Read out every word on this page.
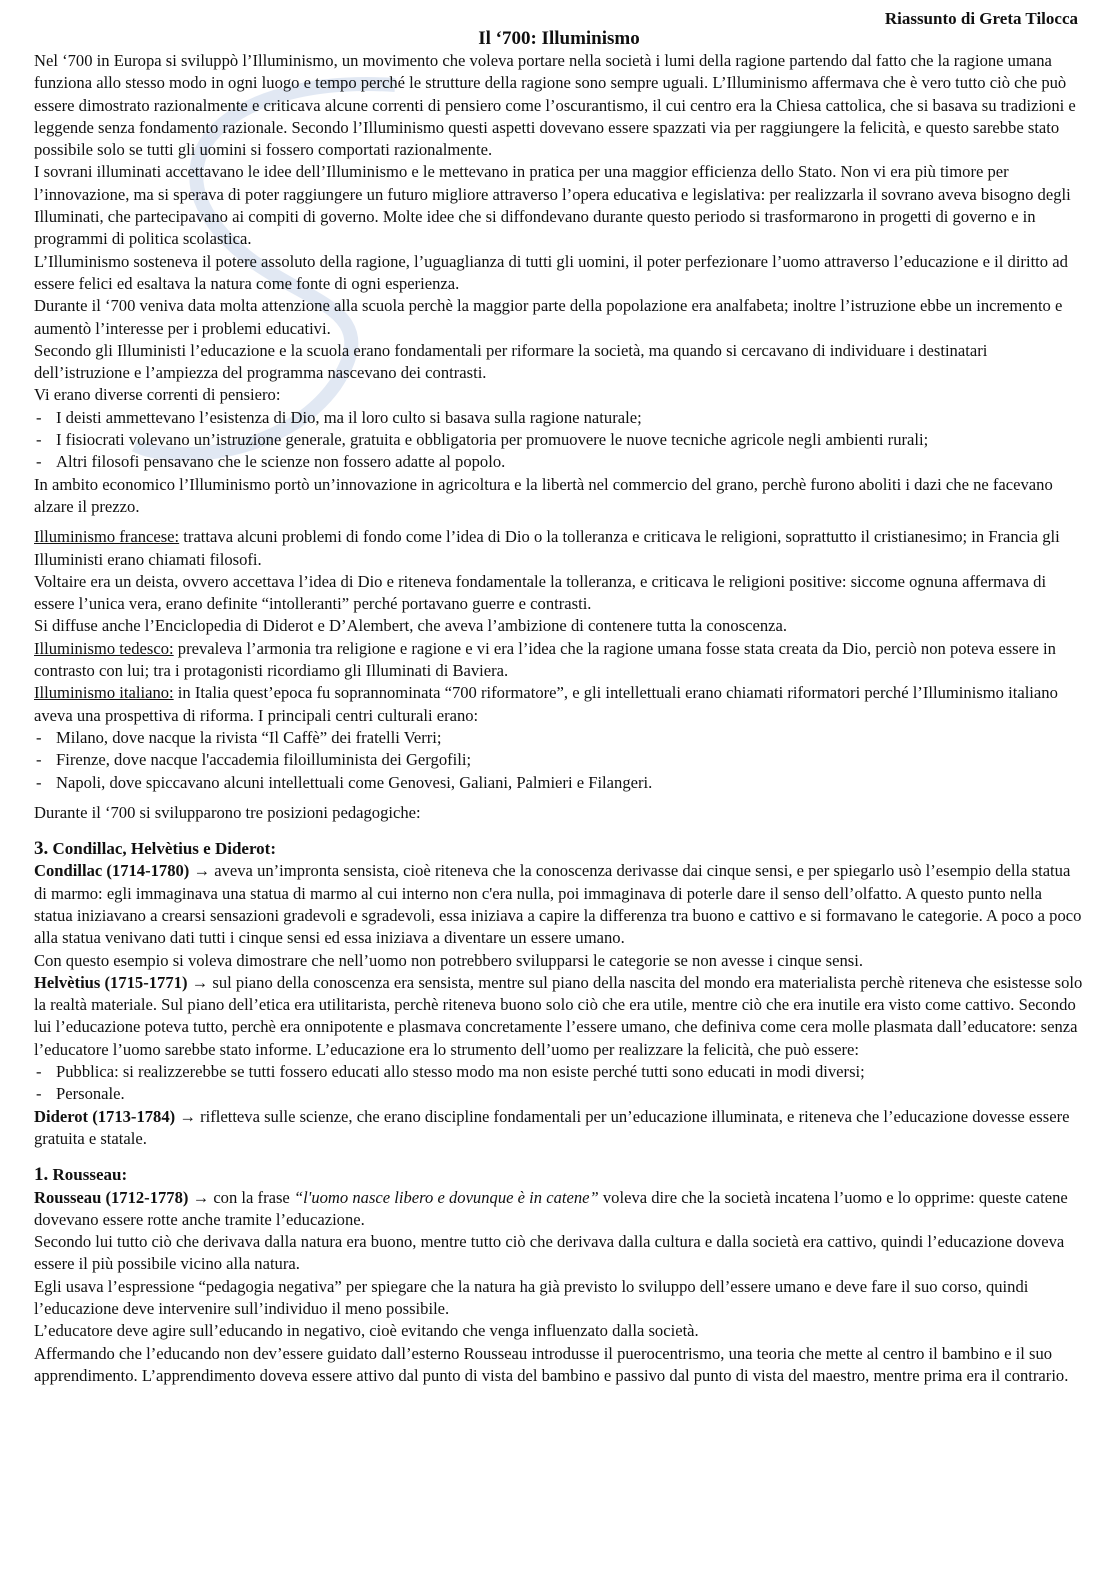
Riassunto di Greta Tilocca
Il ‘700: Illuminismo

Nel ‘700 in Europa si sviluppò l’Illuminismo, un movimento che voleva portare nella società i lumi della ragione partendo dal fatto che la ragione umana funziona allo stesso modo in ogni luogo e tempo perché le strutture della ragione sono sempre uguali. L’Illuminismo affermava che è vero tutto ciò che può essere dimostrato razionalmente e criticava alcune correnti di pensiero come l’oscurantismo, il cui centro era la Chiesa cattolica, che si basava su tradizioni e leggende senza fondamento razionale. Secondo l’Illuminismo questi aspetti dovevano essere spazzati via per raggiungere la felicità, e questo sarebbe stato possibile solo se tutti gli uomini si fossero comportati razionalmente.

I sovrani illuminati accettavano le idee dell’Illuminismo e le mettevano in pratica per una maggior efficienza dello Stato. Non vi era più timore per l’innovazione, ma si sperava di poter raggiungere un futuro migliore attraverso l’opera educativa e legislativa: per realizzarla il sovrano aveva bisogno degli Illuminati, che partecipavano ai compiti di governo. Molte idee che si diffondevano durante questo periodo si trasformarono in progetti di governo e in programmi di politica scolastica.

L’Illuminismo sosteneva il potere assoluto della ragione, l’uguaglianza di tutti gli uomini, il poter perfezionare l’uomo attraverso l’educazione e il diritto ad essere felici ed esaltava la natura come fonte di ogni esperienza.

Durante il ‘700 veniva data molta attenzione alla scuola perchè la maggior parte della popolazione era analfabeta; inoltre l’istruzione ebbe un incremento e aumentò l’interesse per i problemi educativi.

Secondo gli Illuministi l’educazione e la scuola erano fondamentali per riformare la società, ma quando si cercavano di individuare i destinatari dell’istruzione e l’ampiezza del programma nascevano dei contrasti.

Vi erano diverse correnti di pensiero:

- I deisti ammettevano l’esistenza di Dio, ma il loro culto si basava sulla ragione naturale;
- I fisiocrati volevano un’istruzione generale, gratuita e obbligatoria per promuovere le nuove tecniche agricole negli ambienti rurali;
- Altri filosofi pensavano che le scienze non fossero adatte al popolo.

In ambito economico l’Illuminismo portò un’innovazione in agricoltura e la libertà nel commercio del grano, perchè furono aboliti i dazi che ne facevano alzare il prezzo.

Illuminismo francese: trattava alcuni problemi di fondo come l’idea di Dio o la tolleranza e criticava le religioni, soprattutto il cristianesimo; in Francia gli Illuministi erano chiamati filosofi.

Voltaire era un deista, ovvero accettava l’idea di Dio e riteneva fondamentale la tolleranza, e criticava le religioni positive: siccome ognuna affermava di essere l’unica vera, erano definite “intolleranti” perché portavano guerre e contrasti.

Si diffuse anche l’Enciclopedia di Diderot e D’Alembert, che aveva l’ambizione di contenere tutta la conoscenza.

Illuminismo tedesco: prevaleva l’armonia tra religione e ragione e vi era l’idea che la ragione umana fosse stata creata da Dio, perciò non poteva essere in contrasto con lui; tra i protagonisti ricordiamo gli Illuminati di Baviera.

Illuminismo italiano: in Italia quest’epoca fu soprannominata “700 riformatore”, e gli intellettuali erano chiamati riformatori perché l’Illuminismo italiano aveva una prospettiva di riforma. I principali centri culturali erano:

- Milano, dove nacque la rivista “Il Caffè” dei fratelli Verri;
- Firenze, dove nacque l'accademia filoilluminista dei Gergofili;
- Napoli, dove spiccavano alcuni intellettuali come Genovesi, Galiani, Palmieri e Filangeri.

Durante il ‘700 si svilupparono tre posizioni pedagogiche:

3. Condillac, Helvètius e Diderot:

Condillac (1714-1780) → aveva un’impronta sensista, cioè riteneva che la conoscenza derivasse dai cinque sensi, e per spiegarlo usò l’esempio della statua di marmo: egli immaginava una statua di marmo al cui interno non c'era nulla, poi immaginava di poterle dare il senso dell’olfatto. A questo punto nella statua iniziavano a crearsi sensazioni gradevoli e sgradevoli, essa iniziava a capire la differenza tra buono e cattivo e si formavano le categorie. A poco a poco alla statua venivano dati tutti i cinque sensi ed essa iniziava a diventare un essere umano.

Con questo esempio si voleva dimostrare che nell’uomo non potrebbero svilupparsi le categorie se non avesse i cinque sensi.

Helvètius (1715-1771) → sul piano della conoscenza era sensista, mentre sul piano della nascita del mondo era materialista perchè riteneva che esistesse solo la realtà materiale. Sul piano dell’etica era utilitarista, perchè riteneva buono solo ciò che era utile, mentre ciò che era inutile era visto come cattivo. Secondo lui l’educazione poteva tutto, perchè era onnipotente e plasmava concretamente l’essere umano, che definiva come cera molle plasmata dall’educatore: senza l’educatore l’uomo sarebbe stato informe. L’educazione era lo strumento dell’uomo per realizzare la felicità, che può essere:

- Pubblica: si realizzerebbe se tutti fossero educati allo stesso modo ma non esiste perché tutti sono educati in modi diversi;
- Personale.

Diderot (1713-1784) → rifletteva sulle scienze, che erano discipline fondamentali per un’educazione illuminata, e riteneva che l’educazione dovesse essere gratuita e statale.

1. Rousseau:

Rousseau (1712-1778) → con la frase “l'uomo nasce libero e dovunque è in catene” voleva dire che la società incatena l’uomo e lo opprime: queste catene dovevano essere rotte anche tramite l’educazione.

Secondo lui tutto ciò che derivava dalla natura era buono, mentre tutto ciò che derivava dalla cultura e dalla società era cattivo, quindi l’educazione doveva essere il più possibile vicino alla natura.

Egli usava l’espressione “pedagogia negativa” per spiegare che la natura ha già previsto lo sviluppo dell’essere umano e deve fare il suo corso, quindi l’educazione deve intervenire sull’individuo il meno possibile.

L’educatore deve agire sull’educando in negativo, cioè evitando che venga influenzato dalla società.

Affermando che l’educando non dev’essere guidato dall’esterno Rousseau introdusse il puerocentrismo, una teoria che mette al centro il bambino e il suo apprendimento. L’apprendimento doveva essere attivo dal punto di vista del bambino e passivo dal punto di vista del maestro, mentre prima era il contrario.
